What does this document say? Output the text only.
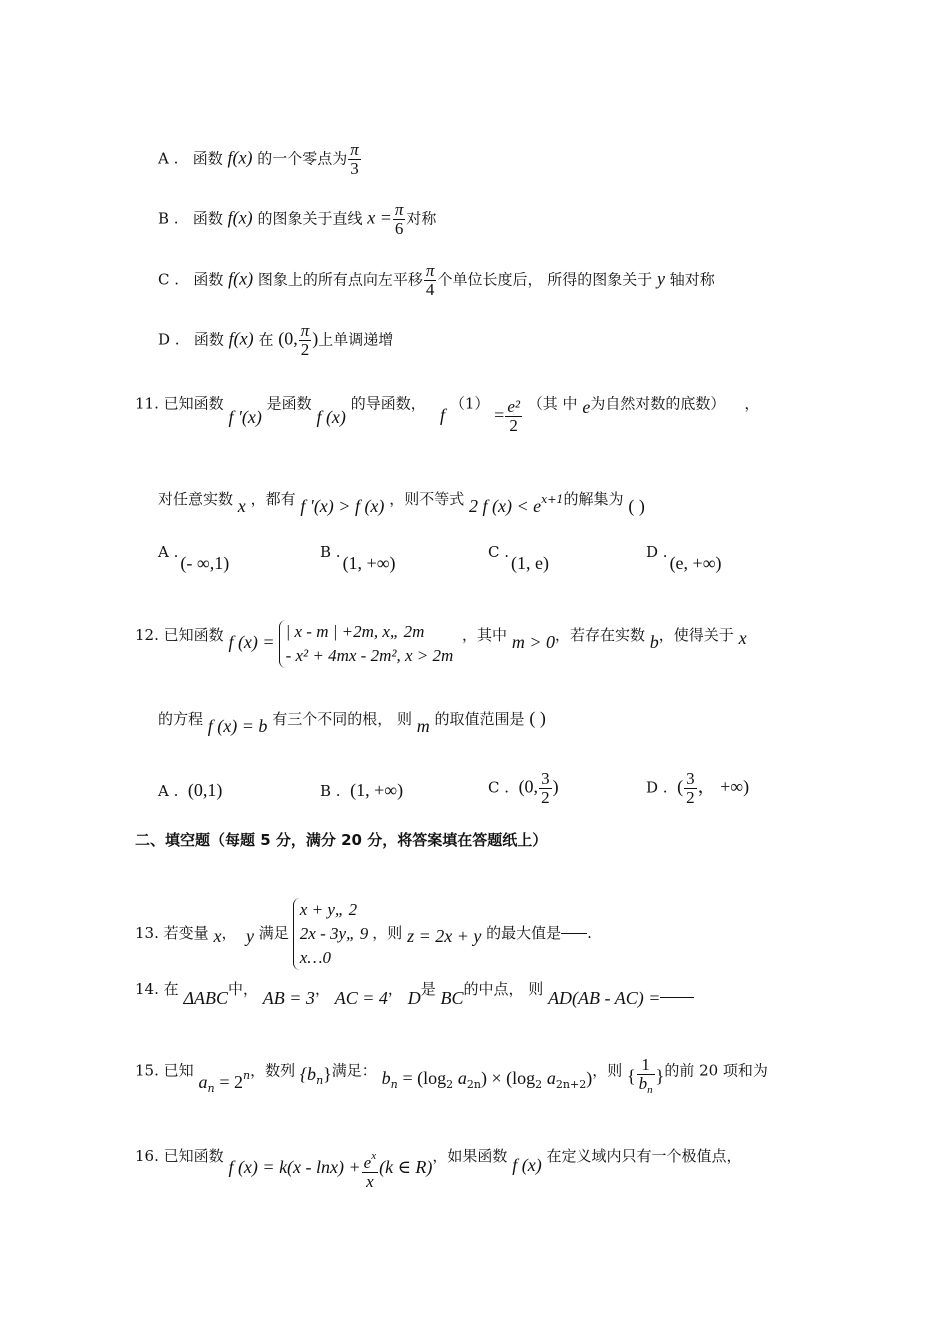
A . 函数 f(x) 的一个零点为 $\frac{\pi}{3}$
B . 函数 f(x) 的图象关于直线 $x = \frac{\pi}{6}$ 对称
C . 函数 f(x) 图象上的所有点向左平移 $\frac{\pi}{4}$ 个单位长度后， 所得的图象关于 y 轴对称
D . 函数 f(x) 在 (0, $\frac{\pi}{2}$ )上单调递增
11. 已知函数 f ′(x) 是函数 f (x) 的导函数，   f $(1) = \frac{\text{e²}}{2}$ （其 中 e为自然对数的底数） ，
对任意实数 x ，都有 f ′(x) > f (x) ，则不等式 2 f $(x) < e^{x+1}$的解集为 ( )
A .(- ∞,1)
B .(1, +∞)
C .(1, e)
D .(e, +∞)
12. 已知函数 f (x) =
| x - m | +2m, x„ 2m
- x² + 4mx - 2m², x > 2m
，其中 m > 0，若存在实数 b，使得关于 x
的方程 f (x) = b 有三个不同的根， 则 m 的取值范围是 ( )
A . (0,1)	B . (1, +∞)	C . (0, $\frac{3}{2}$ )	D . ( $\frac{3}{2}$ ， +∞)
二、填空题（每题 5 分，满分 20 分，将答案填在答题纸上）
13. 若变量 x， y 满足
x + y„ 2
2x - 3y„ 9
x…0
，则 z = 2x + y 的最大值是 .
14. 在 ΔABC中， AB = 3， AC = 4， D是 BC的中点， 则 AD(AB - AC) =
15. 已知 $a_n = 2^n$，数列 $\{b_n\}$满足： $b_n = (\log_2$ $a_{2n}) \times (\log_2$ $a_{2n+2}$)，则 { $\frac{1}{b_n}$ }的前 20 项和为
16. 已知函数 f $(x) = k(x - \ln x) + \frac{e^x}{x} (k$ ∈ R)，如果函数 f (x) 在定义域内只有一个极值点，
